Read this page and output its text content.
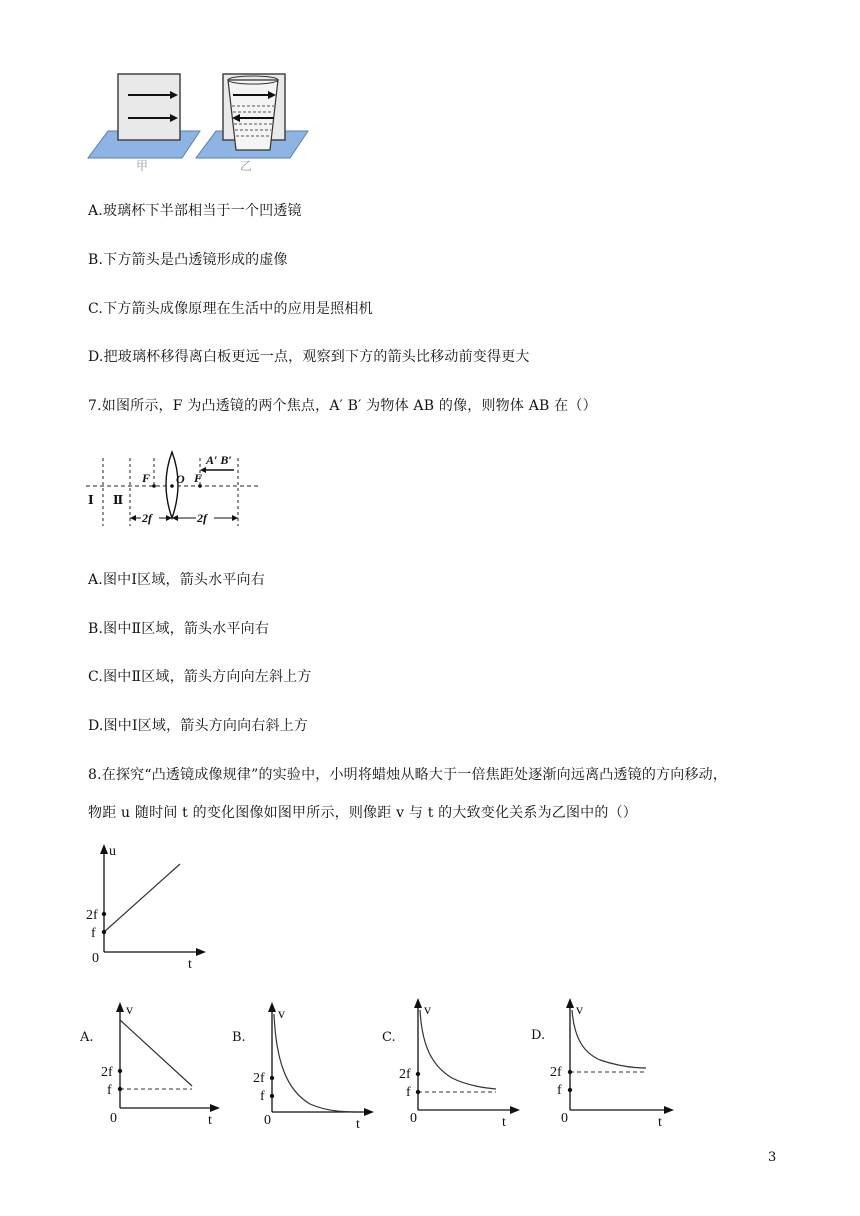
甲	乙
A.玻璃杯下半部相当于一个凹透镜
B.下方箭头是凸透镜形成的虚像
C.下方箭头成像原理在生活中的应用是照相机
D.把玻璃杯移得离白板更远一点，观察到下方的箭头比移动前变得更大
7.如图所示，F 为凸透镜的两个焦点，A′ B′ 为物体 AB 的像，则物体 AB 在（）
A′ B′
F O F
Ⅰ Ⅱ
2f	2f
A.图中Ⅰ区域，箭头水平向右
B.图中Ⅱ区域，箭头水平向右
C.图中Ⅱ区域，箭头方向向左斜上方
D.图中Ⅰ区域，箭头方向向右斜上方
8.在探究“凸透镜成像规律”的实验中，小明将蜡烛从略大于一倍焦距处逐渐向远离凸透镜的方向移动，
物距 u 随时间 t 的变化图像如图甲所示，则像距 v 与 t 的大致变化关系为乙图中的（）
u
t
0
2f
f
A.
v
t
0
2f
f
B.
v
t
0
2f
f
C.
v
t
0
2f
f
D.
v
t
0
2f
f
3
